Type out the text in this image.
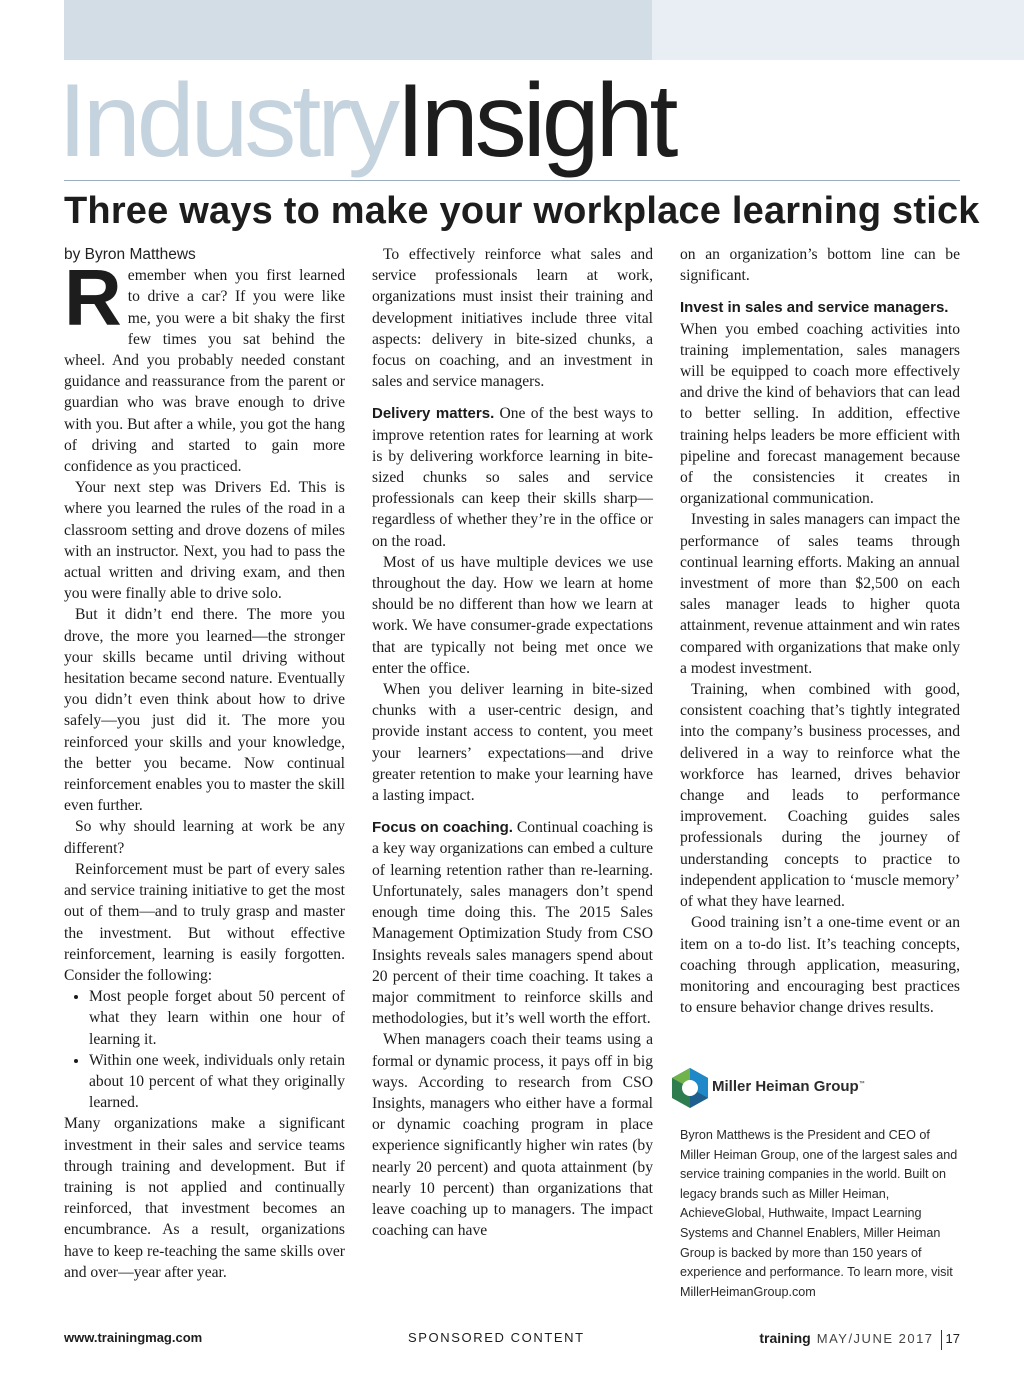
IndustryInsight
Three ways to make your workplace learning stick

by Byron Matthews

Remember when you first learned to drive a car? If you were like me, you were a bit shaky the first few times you sat behind the wheel. And you probably needed constant guidance and reassurance from the parent or guardian who was brave enough to drive with you. But after a while, you got the hang of driving and started to gain more confidence as you practiced.

Your next step was Drivers Ed. This is where you learned the rules of the road in a classroom setting and drove dozens of miles with an instructor. Next, you had to pass the actual written and driving exam, and then you were finally able to drive solo.

But it didn’t end there. The more you drove, the more you learned—the stronger your skills became until driving without hesitation became second nature. Eventually you didn’t even think about how to drive safely—you just did it. The more you reinforced your skills and your knowledge, the better you became. Now continual reinforcement enables you to master the skill even further.

So why should learning at work be any different?

Reinforcement must be part of every sales and service training initiative to get the most out of them—and to truly grasp and master the investment. But without effective reinforcement, learning is easily forgotten. Consider the following:

• Most people forget about 50 percent of what they learn within one hour of learning it.
• Within one week, individuals only retain about 10 percent of what they originally learned.

Many organizations make a significant investment in their sales and service teams through training and development. But if training is not applied and continually reinforced, that investment becomes an encumbrance. As a result, organizations have to keep re-teaching the same skills over and over—year after year.

To effectively reinforce what sales and service professionals learn at work, organizations must insist their training and development initiatives include three vital aspects: delivery in bite-sized chunks, a focus on coaching, and an investment in sales and service managers.

Delivery matters. One of the best ways to improve retention rates for learning at work is by delivering workforce learning in bite-sized chunks so sales and service professionals can keep their skills sharp—regardless of whether they’re in the office or on the road.

Most of us have multiple devices we use throughout the day. How we learn at home should be no different than how we learn at work. We have consumer-grade expectations that are typically not being met once we enter the office.

When you deliver learning in bite-sized chunks with a user-centric design, and provide instant access to content, you meet your learners’ expectations—and drive greater retention to make your learning have a lasting impact.

Focus on coaching. Continual coaching is a key way organizations can embed a culture of learning retention rather than re-learning. Unfortunately, sales managers don’t spend enough time doing this. The 2015 Sales Management Optimization Study from CSO Insights reveals sales managers spend about 20 percent of their time coaching. It takes a major commitment to reinforce skills and methodologies, but it’s well worth the effort.

When managers coach their teams using a formal or dynamic process, it pays off in big ways. According to research from CSO Insights, managers who either have a formal or dynamic coaching program in place experience significantly higher win rates (by nearly 20 percent) and quota attainment (by nearly 10 percent) than organizations that leave coaching up to managers. The impact coaching can have

on an organization’s bottom line can be significant.

Invest in sales and service managers.

When you embed coaching activities into training implementation, sales managers will be equipped to coach more effectively and drive the kind of behaviors that can lead to better selling. In addition, effective training helps leaders be more efficient with pipeline and forecast management because of the consistencies it creates in organizational communication.

Investing in sales managers can impact the performance of sales teams through continual learning efforts. Making an annual investment of more than $2,500 on each sales manager leads to higher quota attainment, revenue attainment and win rates compared with organizations that make only a modest investment.

Training, when combined with good, consistent coaching that’s tightly integrated into the company’s business processes, and delivered in a way to reinforce what the workforce has learned, drives behavior change and leads to performance improvement. Coaching guides sales professionals during the journey of understanding concepts to practice to independent application to ‘muscle memory’ of what they have learned.

Good training isn’t a one-time event or an item on a to-do list. It’s teaching concepts, coaching through application, measuring, monitoring and encouraging best practices to ensure behavior change drives results.

Miller Heiman Group™

Byron Matthews is the President and CEO of Miller Heiman Group, one of the largest sales and service training companies in the world. Built on legacy brands such as Miller Heiman, AchieveGlobal, Huthwaite, Impact Learning Systems and Channel Enablers, Miller Heiman Group is backed by more than 150 years of experience and performance. To learn more, visit MillerHeimanGroup.com

www.trainingmag.com	SPONSORED CONTENT	training MAY/JUNE 2017 17
